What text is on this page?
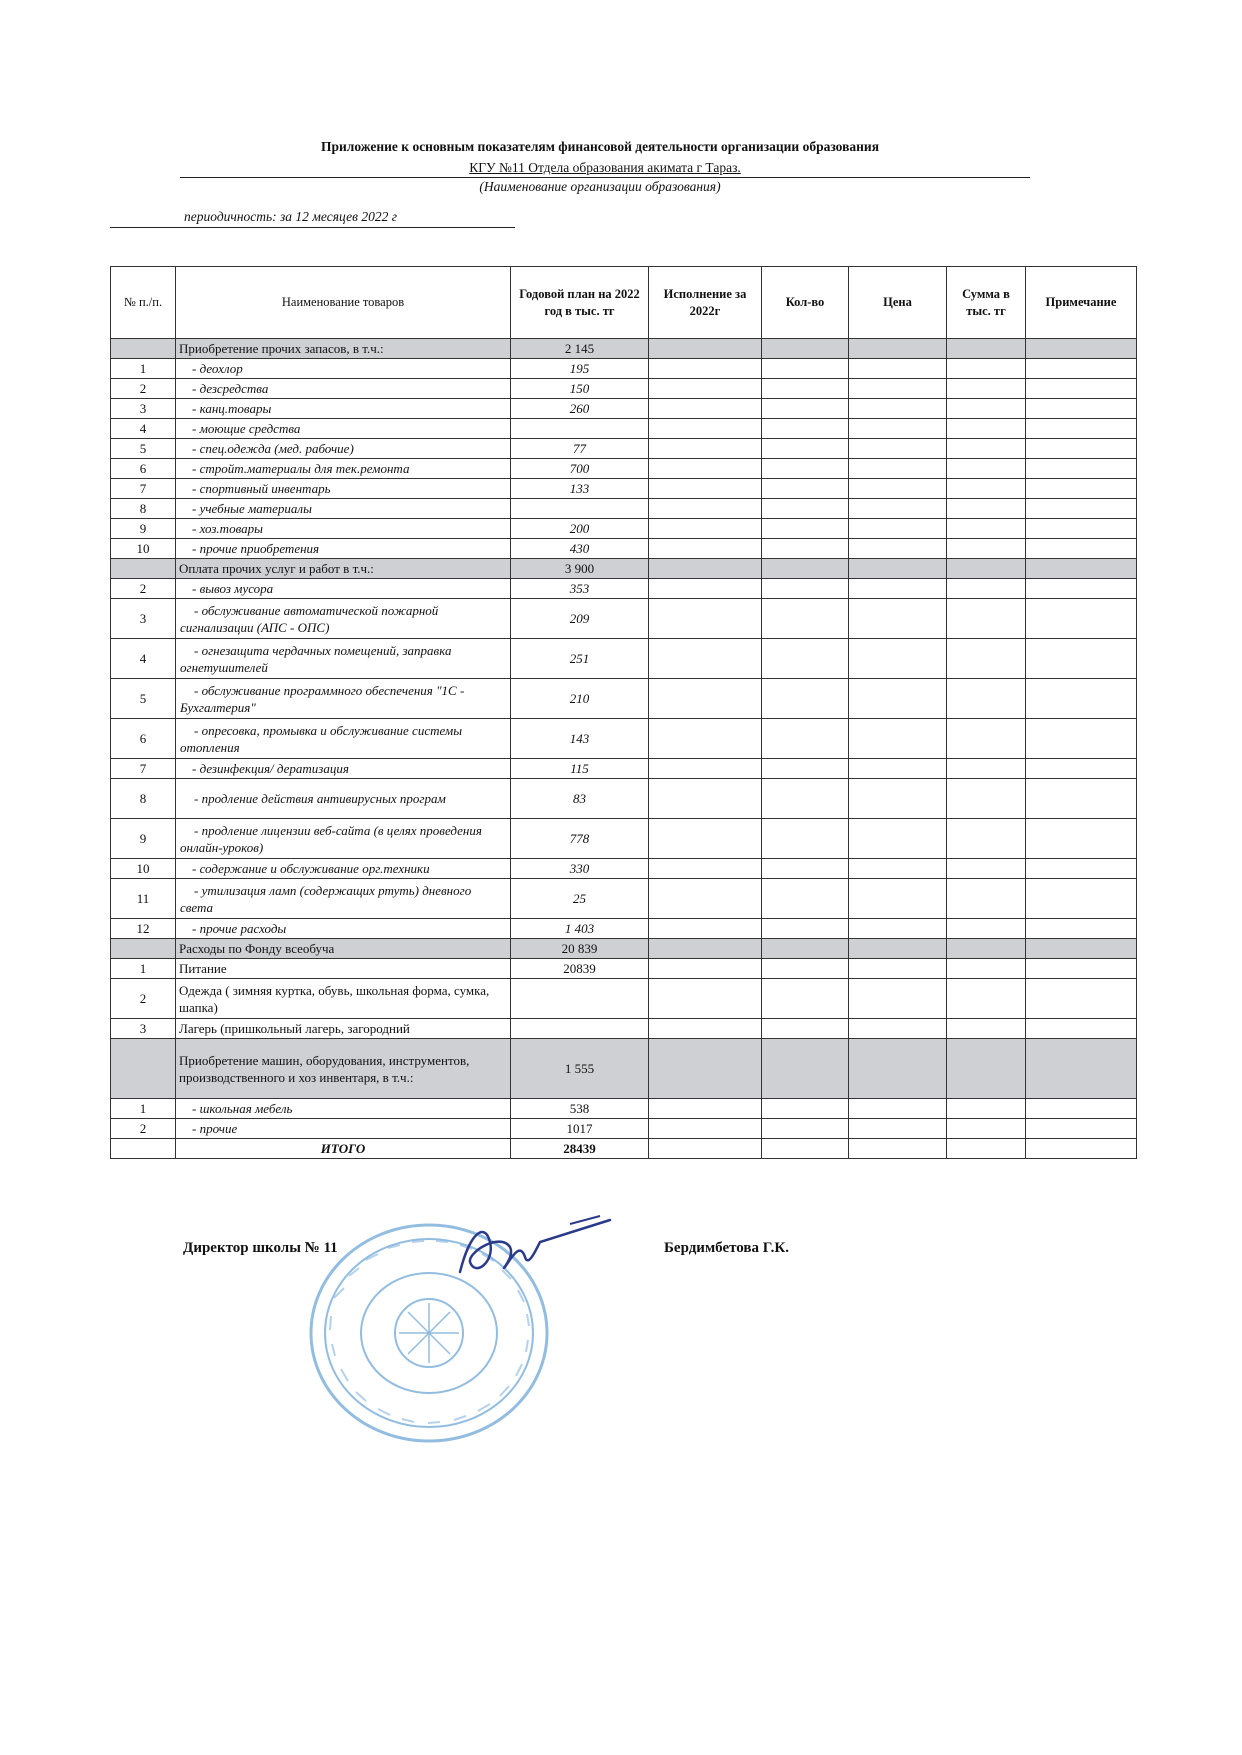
Приложение к основным показателям финансовой деятельности организации образования
КГУ №11 Отдела образования акимата г Тараз.
(Наименование организации образования)
периодичность: за 12 месяцев 2022 г
№ п./п.	Наименование товаров	Годовой план на 2022 год в тыс. тг	Исполнение за 2022г	Кол-во	Цена	Сумма в тыс. тг	Примечание
	Приобретение прочих запасов, в т.ч.:	2 145					
1	- деохлор	195					
2	- дезсредства	150					
3	- канц.товары	260					
4	- моющие средства						
5	- спец.одежда (мед. рабочие)	77					
6	- стройт.материалы для тек.ремонта	700					
7	- спортивный инвентарь	133					
8	- учебные материалы						
9	- хоз.товары	200					
10	- прочие приобретения	430					
	Оплата прочих услуг и работ в т.ч.:	3 900					
2	- вывоз мусора	353					
3	- обслуживание автоматической пожарной сигнализации (АПС - ОПС)	209					
4	- огнезащита чердачных помещений, заправка огнетушителей	251					
5	- обслуживание программного обеспечения "1С - Бухгалтерия"	210					
6	- опресовка, промывка и обслуживание системы отопления	143					
7	- дезинфекция/ дератизация	115					
8	- продление действия антивирусных програм	83					
9	- продление лицензии веб-сайта (в целях проведения онлайн-уроков)	778					
10	- содержание и обслуживание орг.техники	330					
11	- утилизация ламп (содержащих ртуть) дневного света	25					
12	- прочие расходы	1 403					
	Расходы по Фонду всеобуча	20 839					
1	Питание	20839					
2	Одежда ( зимняя куртка, обувь, школьная форма, сумка, шапка)						
3	Лагерь (пришкольный лагерь, загородний						
	Приобретение машин, оборудования, инструментов, производственного и хоз инвентаря, в т.ч.:	1 555					
1	- школьная мебель	538					
2	- прочие	1017					
	ИТОГО	28439					
Директор школы № 11	Бердимбетова Г.К.
